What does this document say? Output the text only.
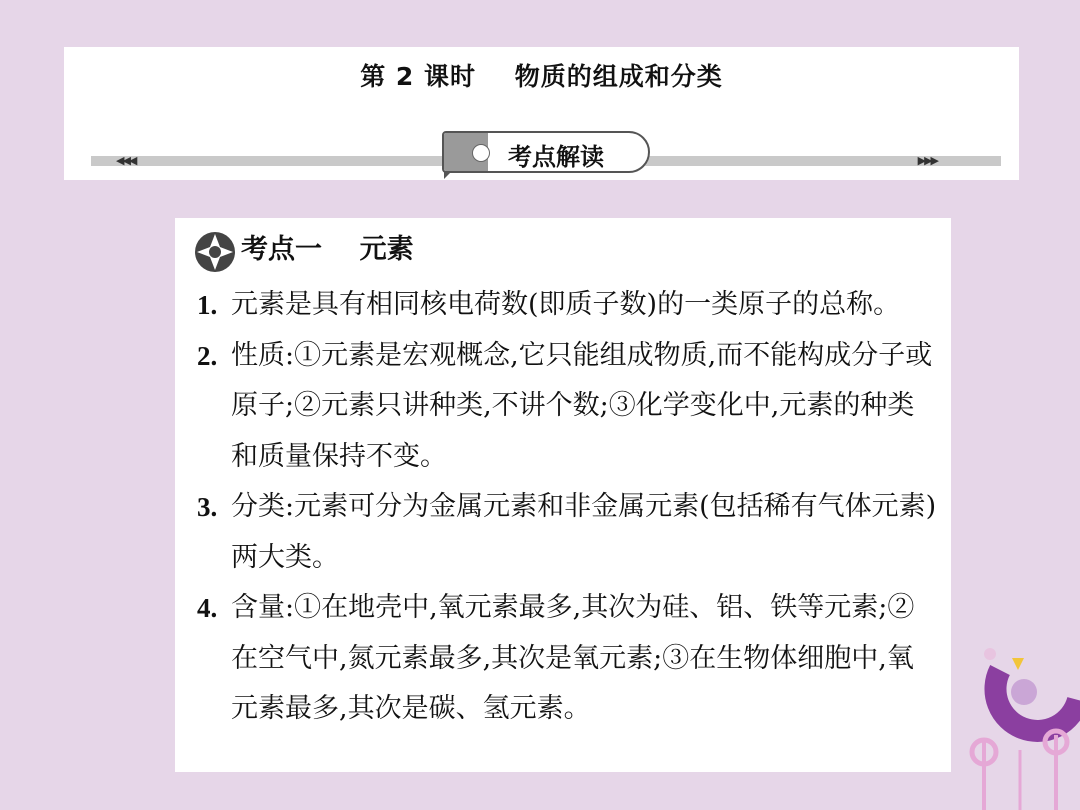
第 2 课时    物质的组成和分类
◀◀◀	▶▶▶
考点解读
考点一    元素
1. 元素是具有相同核电荷数(即质子数)的一类原子的总称。
2. 性质:①元素是宏观概念,它只能组成物质,而不能构成分子或原子;②元素只讲种类,不讲个数;③化学变化中,元素的种类和质量保持不变。
3. 分类:元素可分为金属元素和非金属元素(包括稀有气体元素)两大类。
4. 含量:①在地壳中,氧元素最多,其次为硅、铝、铁等元素;②在空气中,氮元素最多,其次是氧元素;③在生物体细胞中,氧元素最多,其次是碳、氢元素。
